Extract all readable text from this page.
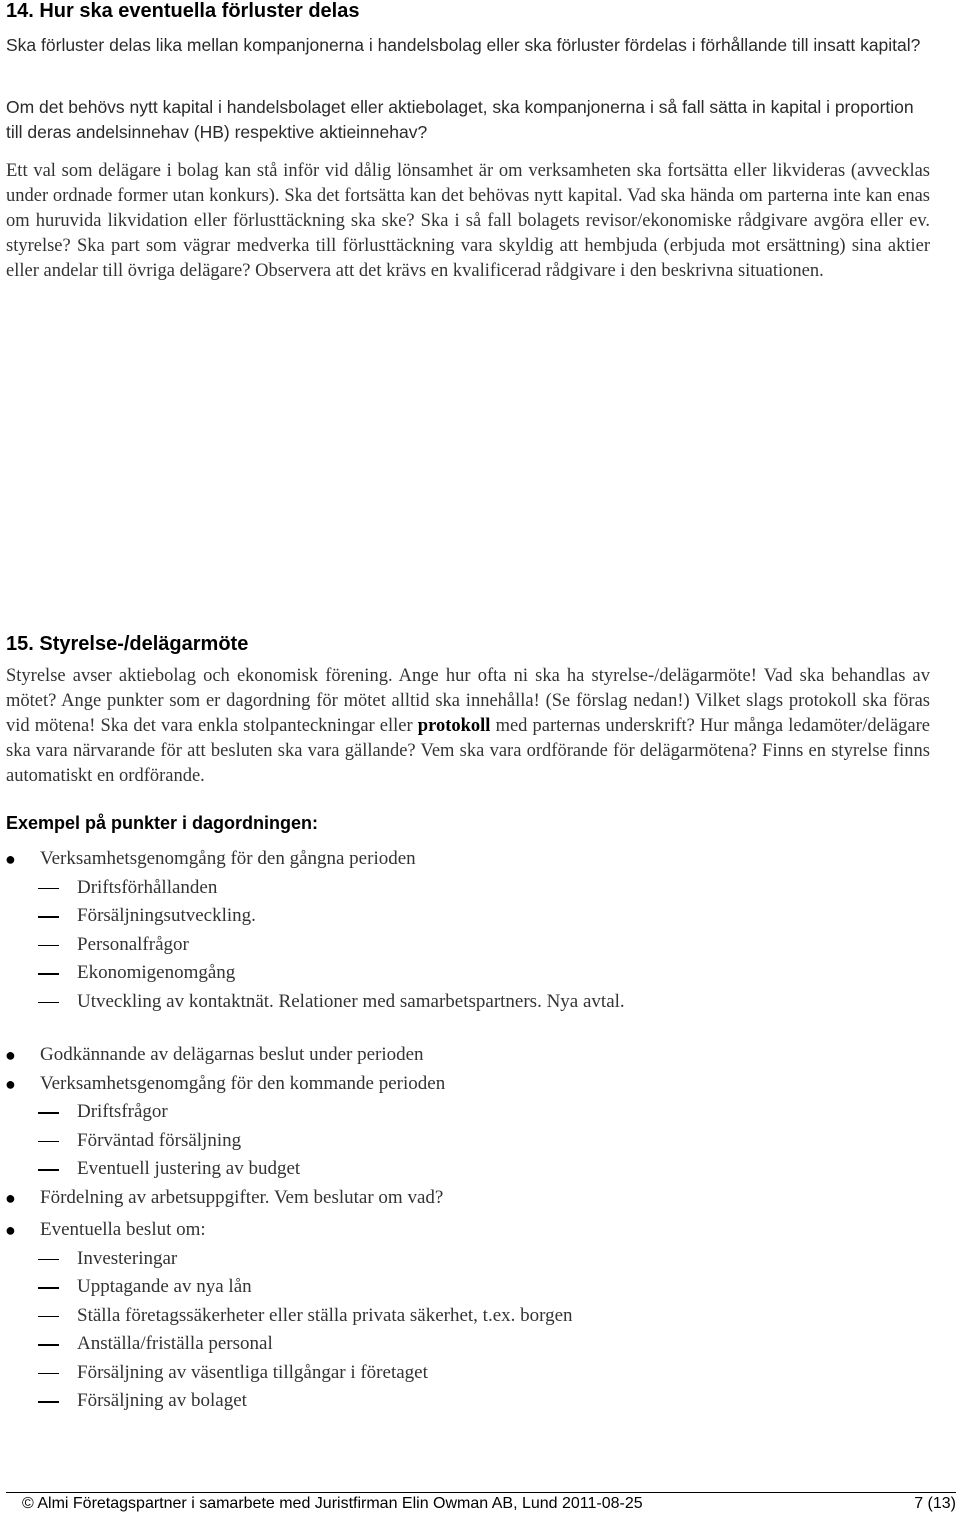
14. Hur ska eventuella förluster delas

Ska förluster delas lika mellan kompanjonerna i handelsbolag eller ska förluster fördelas i förhållande till insatt kapital?

Om det behövs nytt kapital i handelsbolaget eller aktiebolaget, ska kompanjonerna i så fall sätta in kapital i proportion till deras andelsinnehav (HB) respektive aktieinnehav?

Ett val som delägare i bolag kan stå inför vid dålig lönsamhet är om verksamheten ska fortsätta eller likvideras (avvecklas under ordnade former utan konkurs). Ska det fortsätta kan det behövas nytt kapital. Vad ska hända om parterna inte kan enas om huruvida likvidation eller förlusttäckning ska ske? Ska i så fall bolagets revisor/ekonomiske rådgivare avgöra eller ev. styrelse? Ska part som vägrar medverka till förlusttäckning vara skyldig att hembjuda (erbjuda mot ersättning) sina aktier eller andelar till övriga delägare? Observera att det krävs en kvalificerad rådgivare i den beskrivna situationen.

15. Styrelse-/delägarmöte

Styrelse avser aktiebolag och ekonomisk förening. Ange hur ofta ni ska ha styrelse-/delägarmöte! Vad ska behandlas av mötet? Ange punkter som er dagordning för mötet alltid ska innehålla! (Se förslag nedan!) Vilket slags protokoll ska föras vid mötena! Ska det vara enkla stolpanteckningar eller protokoll med parternas underskrift? Hur många ledamöter/delägare ska vara närvarande för att besluten ska vara gällande? Vem ska vara ordförande för delägarmötena? Finns en styrelse finns automatiskt en ordförande.

Exempel på punkter i dagordningen:
● Verksamhetsgenomgång för den gångna perioden
Driftsförhållanden
Försäljningsutveckling.
Personalfrågor
Ekonomigenomgång
Utveckling av kontaktnät. Relationer med samarbetspartners. Nya avtal.
● Godkännande av delägarnas beslut under perioden
● Verksamhetsgenomgång för den kommande perioden
Driftsfrågor
Förväntad försäljning
Eventuell justering av budget
● Fördelning av arbetsuppgifter. Vem beslutar om vad?
● Eventuella beslut om:
Investeringar
Upptagande av nya lån
Ställa företagssäkerheter eller ställa privata säkerhet, t.ex. borgen
Anställa/friställa personal
Försäljning av väsentliga tillgångar i företaget
Försäljning av bolaget
© Almi Företagspartner i samarbete med Juristfirman Elin Owman AB, Lund 2011-08-25	7 (13)
